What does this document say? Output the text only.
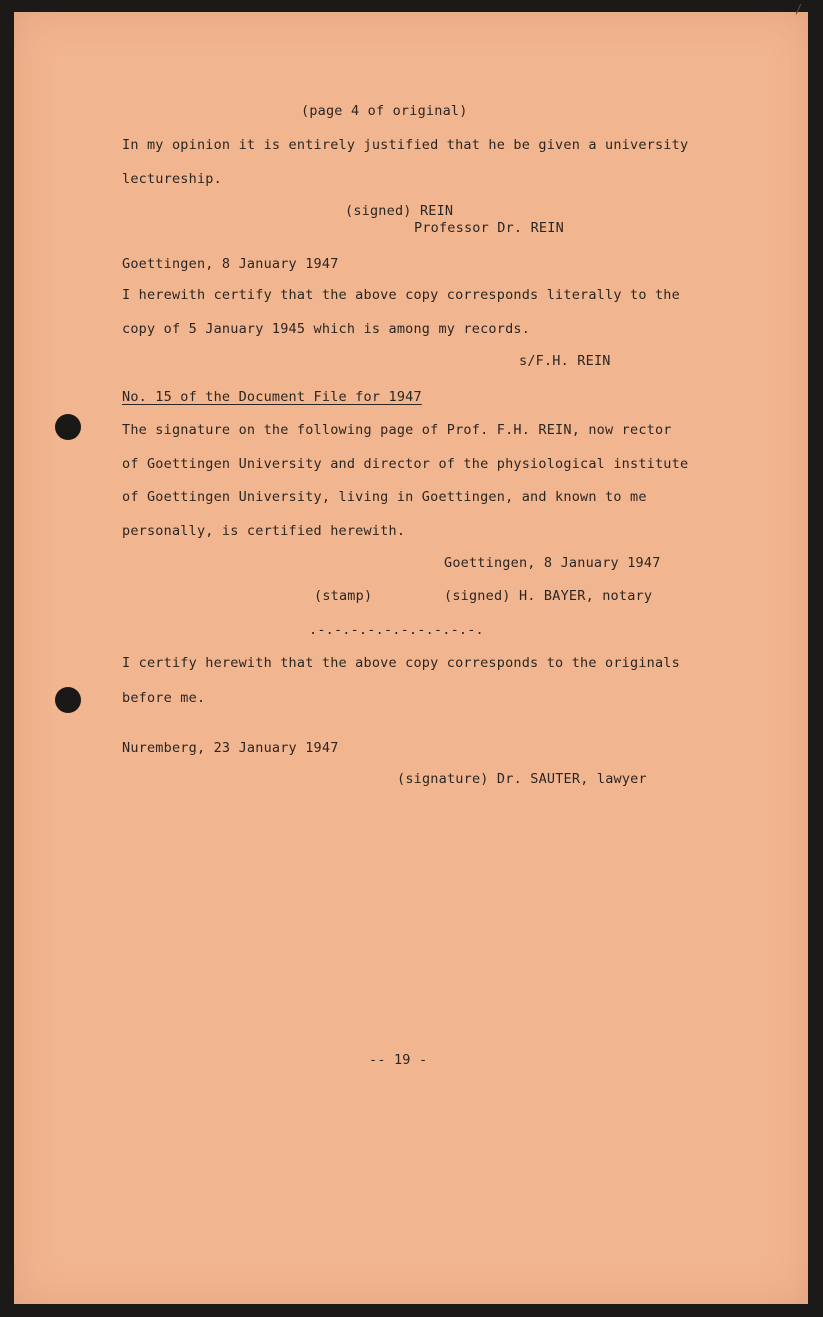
(page 4 of original)
In my opinion it is entirely justified that he be given a university
lectureship.
(signed) REIN
Professor Dr. REIN
Goettingen, 8 January 1947
I herewith certify that the above copy corresponds literally to the
copy of 5 January 1945 which is among my records.
s/F.H. REIN
No. 15 of the Document File for 1947
The signature on the following page of Prof. F.H. REIN, now rector
of Goettingen University and director of the physiological institute
of Goettingen University, living in Goettingen, and known to me
personally, is certified herewith.
Goettingen, 8 January 1947
(stamp)	(signed) H. BAYER, notary
.-.-.-.-.-.-.-.-.-.-.
I certify herewith that the above copy corresponds to the originals
before me.
Nuremberg, 23 January 1947
(signature) Dr. SAUTER, lawyer
-- 19 -
/
